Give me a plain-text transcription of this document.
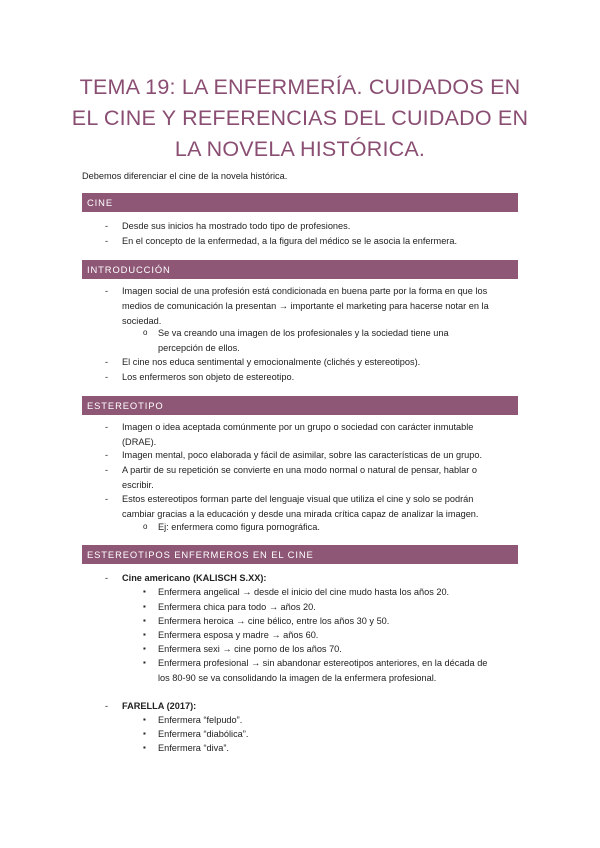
TEMA 19: LA ENFERMERÍA. CUIDADOS EN
EL CINE Y REFERENCIAS DEL CUIDADO EN
LA NOVELA HISTÓRICA.
Debemos diferenciar el cine de la novela histórica.
CINE
- Desde sus inicios ha mostrado todo tipo de profesiones.
- En el concepto de la enfermedad, a la figura del médico se le asocia la enfermera.
INTRODUCCIÓN
- Imagen social de una profesión está condicionada en buena parte por la forma en que los
medios de comunicación la presentan → importante el marketing para hacerse notar en la
sociedad.
o Se va creando una imagen de los profesionales y la sociedad tiene una
percepción de ellos.
- El cine nos educa sentimental y emocionalmente (clichés y estereotipos).
- Los enfermeros son objeto de estereotipo.
ESTEREOTIPO
- Imagen o idea aceptada comúnmente por un grupo o sociedad con carácter inmutable
(DRAE).
- Imagen mental, poco elaborada y fácil de asimilar, sobre las características de un grupo.
- A partir de su repetición se convierte en una modo normal o natural de pensar, hablar o
escribir.
- Estos estereotipos forman parte del lenguaje visual que utiliza el cine y solo se podrán
cambiar gracias a la educación y desde una mirada crítica capaz de analizar la imagen.
o Ej: enfermera como figura pornográfica.
ESTEREOTIPOS ENFERMEROS EN EL CINE
- Cine americano (KALISCH S.XX):
▪ Enfermera angelical → desde el inicio del cine mudo hasta los años 20.
▪ Enfermera chica para todo → años 20.
▪ Enfermera heroica → cine bélico, entre los años 30 y 50.
▪ Enfermera esposa y madre → años 60.
▪ Enfermera sexi → cine porno de los años 70.
▪ Enfermera profesional → sin abandonar estereotipos anteriores, en la década de
los 80-90 se va consolidando la imagen de la enfermera profesional.
- FARELLA (2017):
▪ Enfermera “felpudo”.
▪ Enfermera “diabólica”.
▪ Enfermera “diva”.
